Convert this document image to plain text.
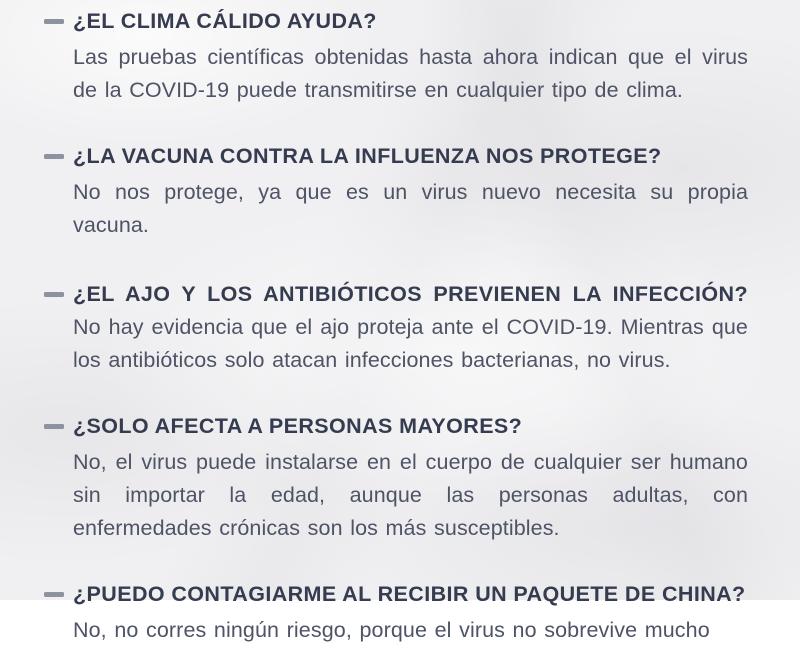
¿EL CLIMA CÁLIDO AYUDA?

Las pruebas científicas obtenidas hasta ahora indican que el virus de la COVID-19 puede transmitirse en cualquier tipo de clima.

¿LA VACUNA CONTRA LA INFLUENZA NOS PROTEGE?

No nos protege, ya que es un virus nuevo necesita su propia vacuna.

¿EL AJO Y LOS ANTIBIÓTICOS PREVIENEN LA INFECCIÓN? No hay evidencia que el ajo proteja ante el COVID-19. Mientras que los antibióticos solo atacan infecciones bacterianas, no virus.

¿SOLO AFECTA A PERSONAS MAYORES?

No, el virus puede instalarse en el cuerpo de cualquier ser humano sin importar la edad, aunque las personas adultas, con enfermedades crónicas son los más susceptibles.

¿PUEDO CONTAGIARME AL RECIBIR UN PAQUETE DE CHINA?

No, no corres ningún riesgo, porque el virus no sobrevive mucho
